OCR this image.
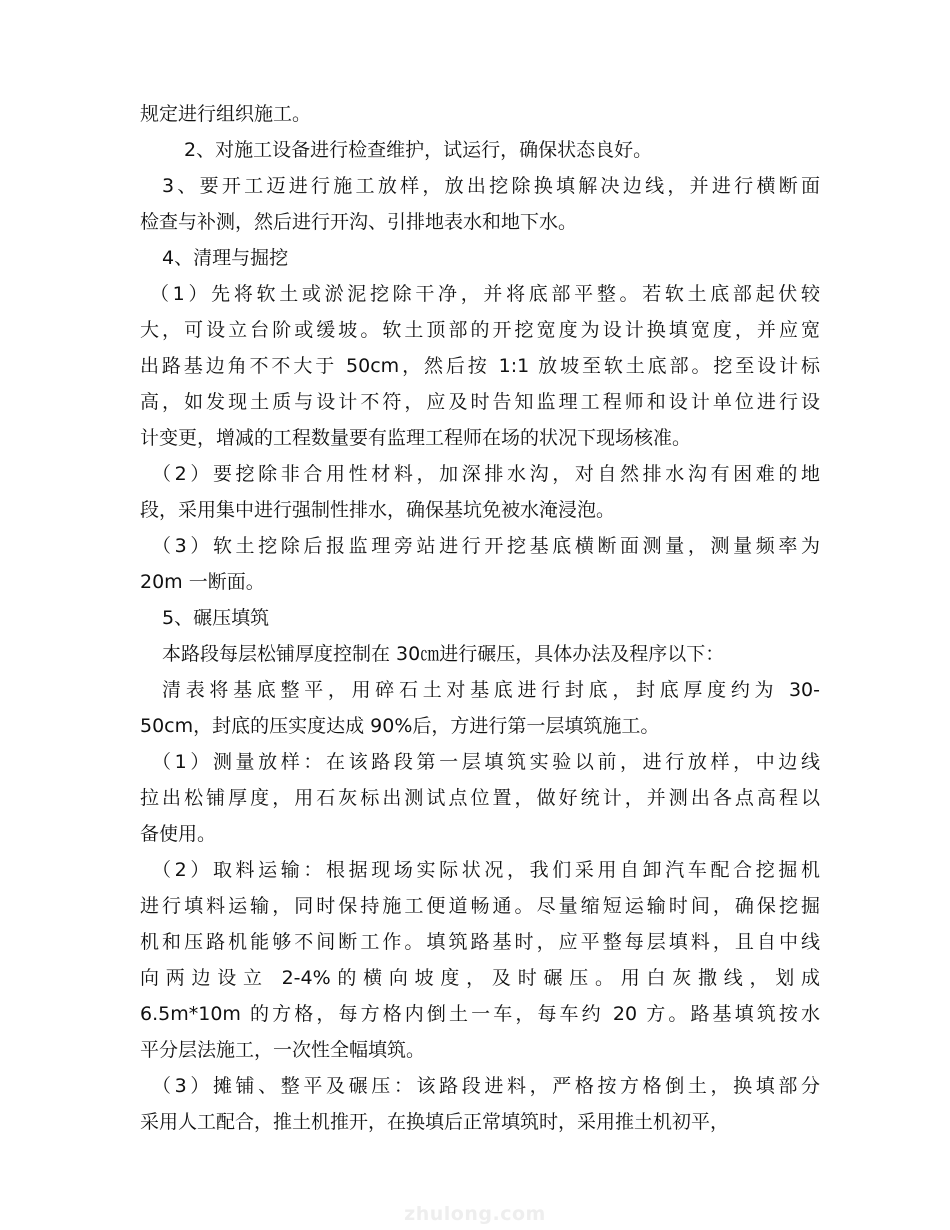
规定进行组织施工。
2、对施工设备进行检查维护，试运行，确保状态良好。
3、要开工迈进行施工放样，放出挖除换填解决边线，并进行横断面
检查与补测，然后进行开沟、引排地表水和地下水。
4、清理与掘挖
（1）先将软土或淤泥挖除干净，并将底部平整。若软土底部起伏较
大，可设立台阶或缓坡。软土顶部的开挖宽度为设计换填宽度，并应宽
出路基边角不不大于 50cm，然后按 1:1 放坡至软土底部。挖至设计标
高，如发现土质与设计不符，应及时告知监理工程师和设计单位进行设
计变更，增减的工程数量要有监理工程师在场的状况下现场核准。
（2）要挖除非合用性材料，加深排水沟，对自然排水沟有困难的地
段，采用集中进行强制性排水，确保基坑免被水淹浸泡。
（3）软土挖除后报监理旁站进行开挖基底横断面测量，测量频率为
20m 一断面。
5、碾压填筑
本路段每层松铺厚度控制在 30㎝进行碾压，具体办法及程序以下：
清表将基底整平，用碎石土对基底进行封底，封底厚度约为 30-
50cm，封底的压实度达成 90%后，方进行第一层填筑施工。
（1）测量放样：在该路段第一层填筑实验以前，进行放样，中边线
拉出松铺厚度，用石灰标出测试点位置，做好统计，并测出各点高程以
备使用。
（2）取料运输：根据现场实际状况，我们采用自卸汽车配合挖掘机
进行填料运输，同时保持施工便道畅通。尽量缩短运输时间，确保挖掘
机和压路机能够不间断工作。填筑路基时，应平整每层填料，且自中线
向两边设立 2-4%的横向坡度，及时碾压。用白灰撒线，划成
6.5m*10m 的方格，每方格内倒土一车，每车约 20 方。路基填筑按水
平分层法施工，一次性全幅填筑。
（3）摊铺、整平及碾压：该路段进料，严格按方格倒土，换填部分
采用人工配合，推土机推开，在换填后正常填筑时，采用推土机初平，
zhulong.com
